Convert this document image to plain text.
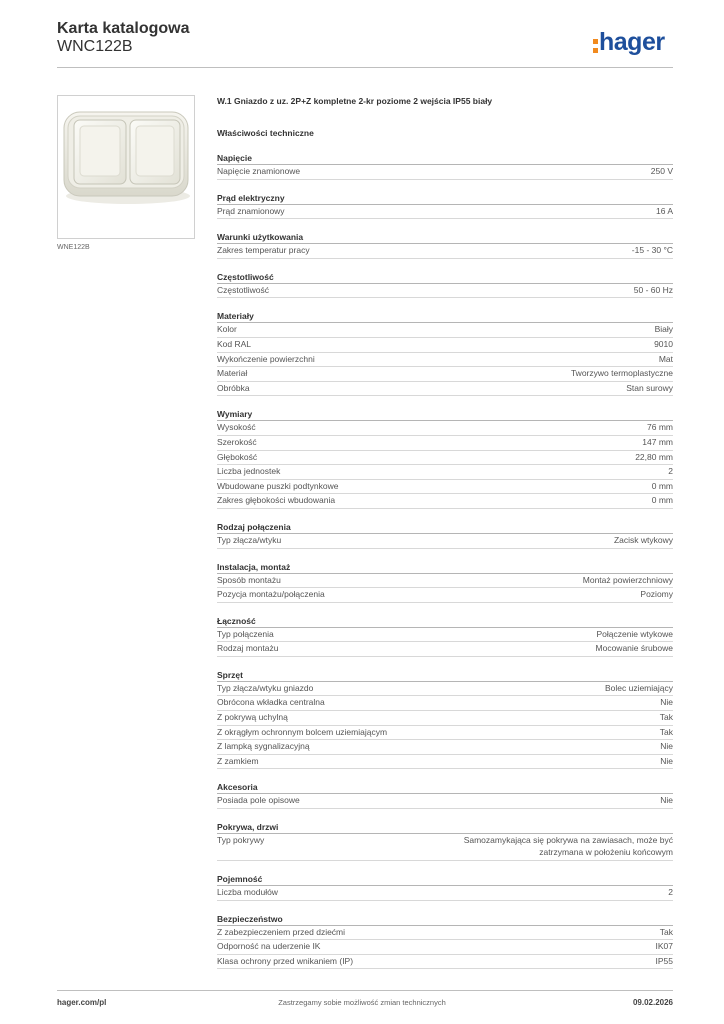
Karta katalogowa
WNC122B	hager
WNE122B
W.1 Gniazdo z uz. 2P+Z kompletne 2-kr poziome 2 wejścia IP55 biały
Właściwości techniczne
Napięcie
Napięcie znamionowe	250 V
Prąd elektryczny
Prąd znamionowy	16 A
Warunki użytkowania
Zakres temperatur pracy	-15 - 30 °C
Częstotliwość
Częstotliwość	50 - 60 Hz
Materiały
Kolor	Biały
Kod RAL	9010
Wykończenie powierzchni	Mat
Materiał	Tworzywo termoplastyczne
Obróbka	Stan surowy
Wymiary
Wysokość	76 mm
Szerokość	147 mm
Głębokość	22,80 mm
Liczba jednostek	2
Wbudowane puszki podtynkowe	0 mm
Zakres głębokości wbudowania	0 mm
Rodzaj połączenia
Typ złącza/wtyku	Zacisk wtykowy
Instalacja, montaż
Sposób montażu	Montaż powierzchniowy
Pozycja montażu/połączenia	Poziomy
Łączność
Typ połączenia	Połączenie wtykowe
Rodzaj montażu	Mocowanie śrubowe
Sprzęt
Typ złącza/wtyku gniazdo	Bolec uziemiający
Obrócona wkładka centralna	Nie
Z pokrywą uchylną	Tak
Z okrągłym ochronnym bolcem uziemiającym	Tak
Z lampką sygnalizacyjną	Nie
Z zamkiem	Nie
Akcesoria
Posiada pole opisowe	Nie
Pokrywa, drzwi
Typ pokrywy	Samozamykająca się pokrywa na zawiasach, może być zatrzymana w położeniu końcowym
Pojemność
Liczba modułów	2
Bezpieczeństwo
Z zabezpieczeniem przed dziećmi	Tak
Odporność na uderzenie IK	IK07
Klasa ochrony przed wnikaniem (IP)	IP55
hager.com/pl	Zastrzegamy sobie możliwość zmian technicznych	09.02.2026
